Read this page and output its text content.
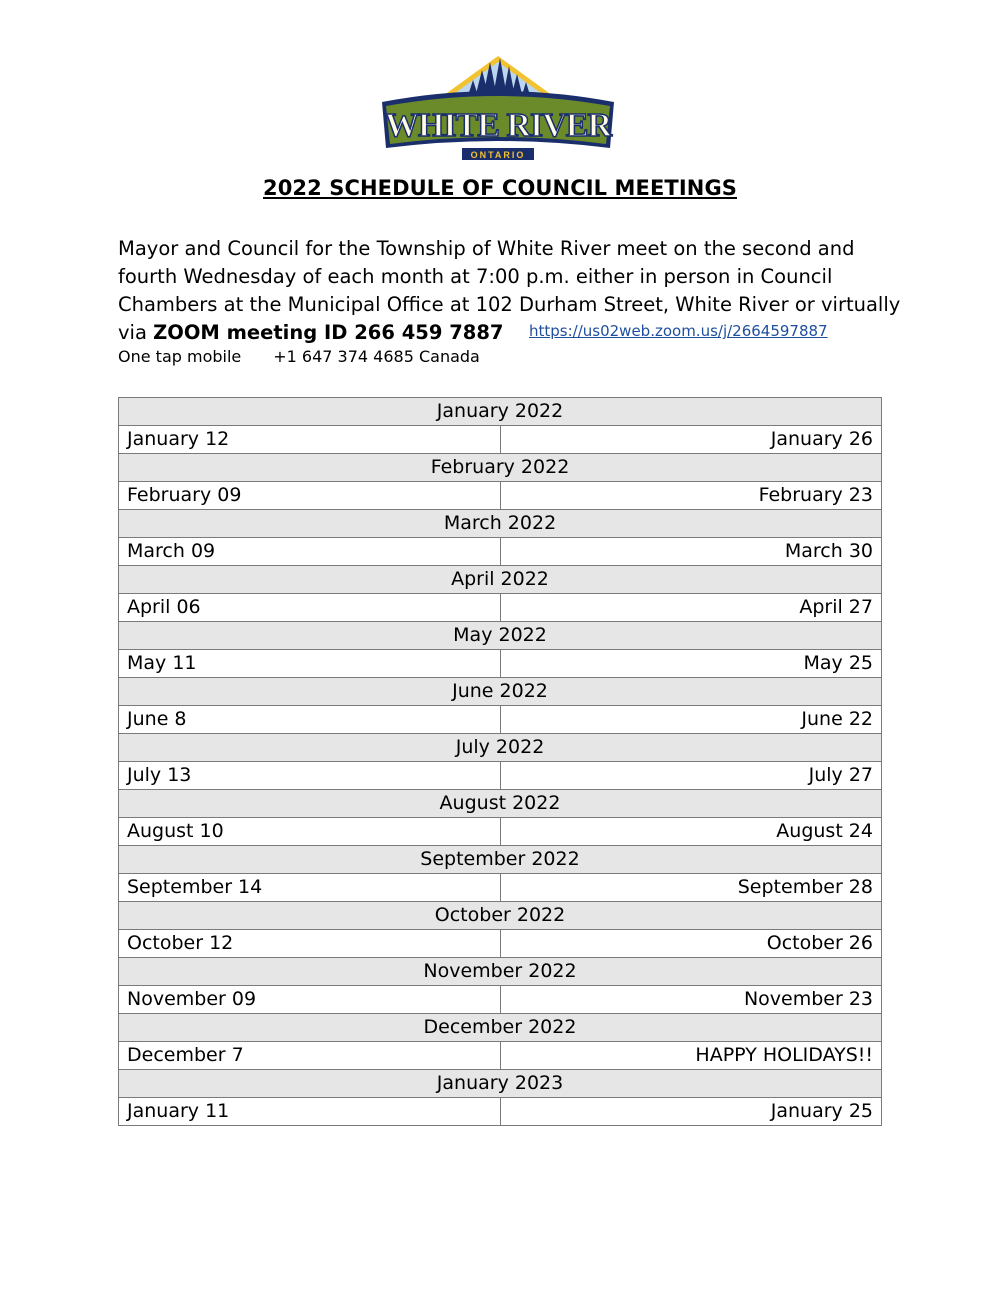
WHITE RIVER
ONTARIO
2022 SCHEDULE OF COUNCIL MEETINGS
Mayor and Council for the Township of White River meet on the second and
fourth Wednesday of each month at 7:00 p.m. either in person in Council
Chambers at the Municipal Office at 102 Durham Street, White River or virtually
via ZOOM meeting ID 266 459 7887	https://us02web.zoom.us/j/2664597887
One tap mobile +1 647 374 4685 Canada
January 2022	
January 12	January 26
February 2022	
February 09	February 23
March 2022	
March 09	March 30
April 2022	
April 06	April 27
May 2022	
May 11	May 25
June 2022	
June 8	June 22
July 2022	
July 13	July 27
August 2022	
August 10	August 24
September 2022	
September 14	September 28
October 2022	
October 12	October 26
November 2022	
November 09	November 23
December 2022	
December 7	HAPPY HOLIDAYS!!
January 2023	
January 11	January 25
